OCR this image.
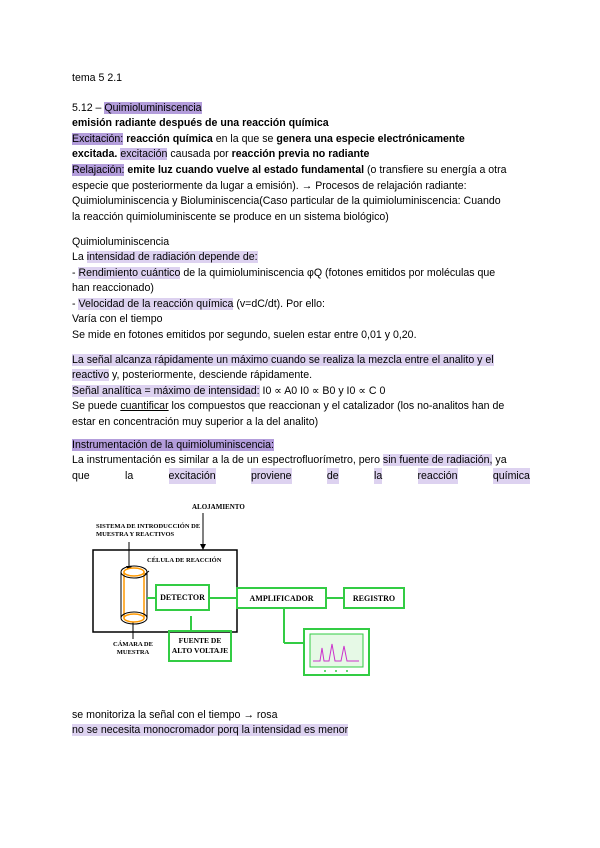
tema 5 2.1
5.12 – Quimioluminiscencia
emisión radiante después de una reacción química
Excitación: reacción química en la que se genera una especie electrónicamente
excitada. excitación causada por reacción previa no radiante
Relajación: emite luz cuando vuelve al estado fundamental (o transfiere su energía a otra
especie que posteriormente da lugar a emisión). → Procesos de relajación radiante:
Quimioluminiscencia y Bioluminiscencia(Caso particular de la quimioluminiscencia: Cuando
la reacción quimioluminiscente se produce en un sistema biológico)
Quimioluminiscencia
La intensidad de radiación depende de:
- Rendimiento cuántico de la quimioluminiscencia φQ (fotones emitidos por moléculas que
han reaccionado)
- Velocidad de la reacción química (v=dC/dt). Por ello:
Varía con el tiempo
Se mide en fotones emitidos por segundo, suelen estar entre 0,01 y 0,20.
La señal alcanza rápidamente un máximo cuando se realiza la mezcla entre el analito y el
reactivo y, posteriormente, desciende rápidamente.
Señal analítica = máximo de intensidad: I0 ∝ A0 I0 ∝ B0 y I0 ∝ C 0
Se puede cuantificar los compuestos que reaccionan y el catalizador (los no-analitos han de
estar en concentración muy superior a la del analito)
Instrumentación de la quimioluminiscencia:
La instrumentación es similar a la de un espectrofluorímetro, pero sin fuente de radiación, ya
que	la	excitación	proviene	de	la	reacción	química
se monitoriza la señal con el tiempo → rosa
no se necesita monocromador porq la intensidad es menor
ALOJAMIENTO
SISTEMA DE INTRODUCCIÓN DE MUESTRA Y REACTIVOS
CÉLULA DE REACCIÓN
CÁMARA DE MUESTRA
DETECTOR	AMPLIFICADOR	REGISTRO
FUENTE DE ALTO VOLTAJE
